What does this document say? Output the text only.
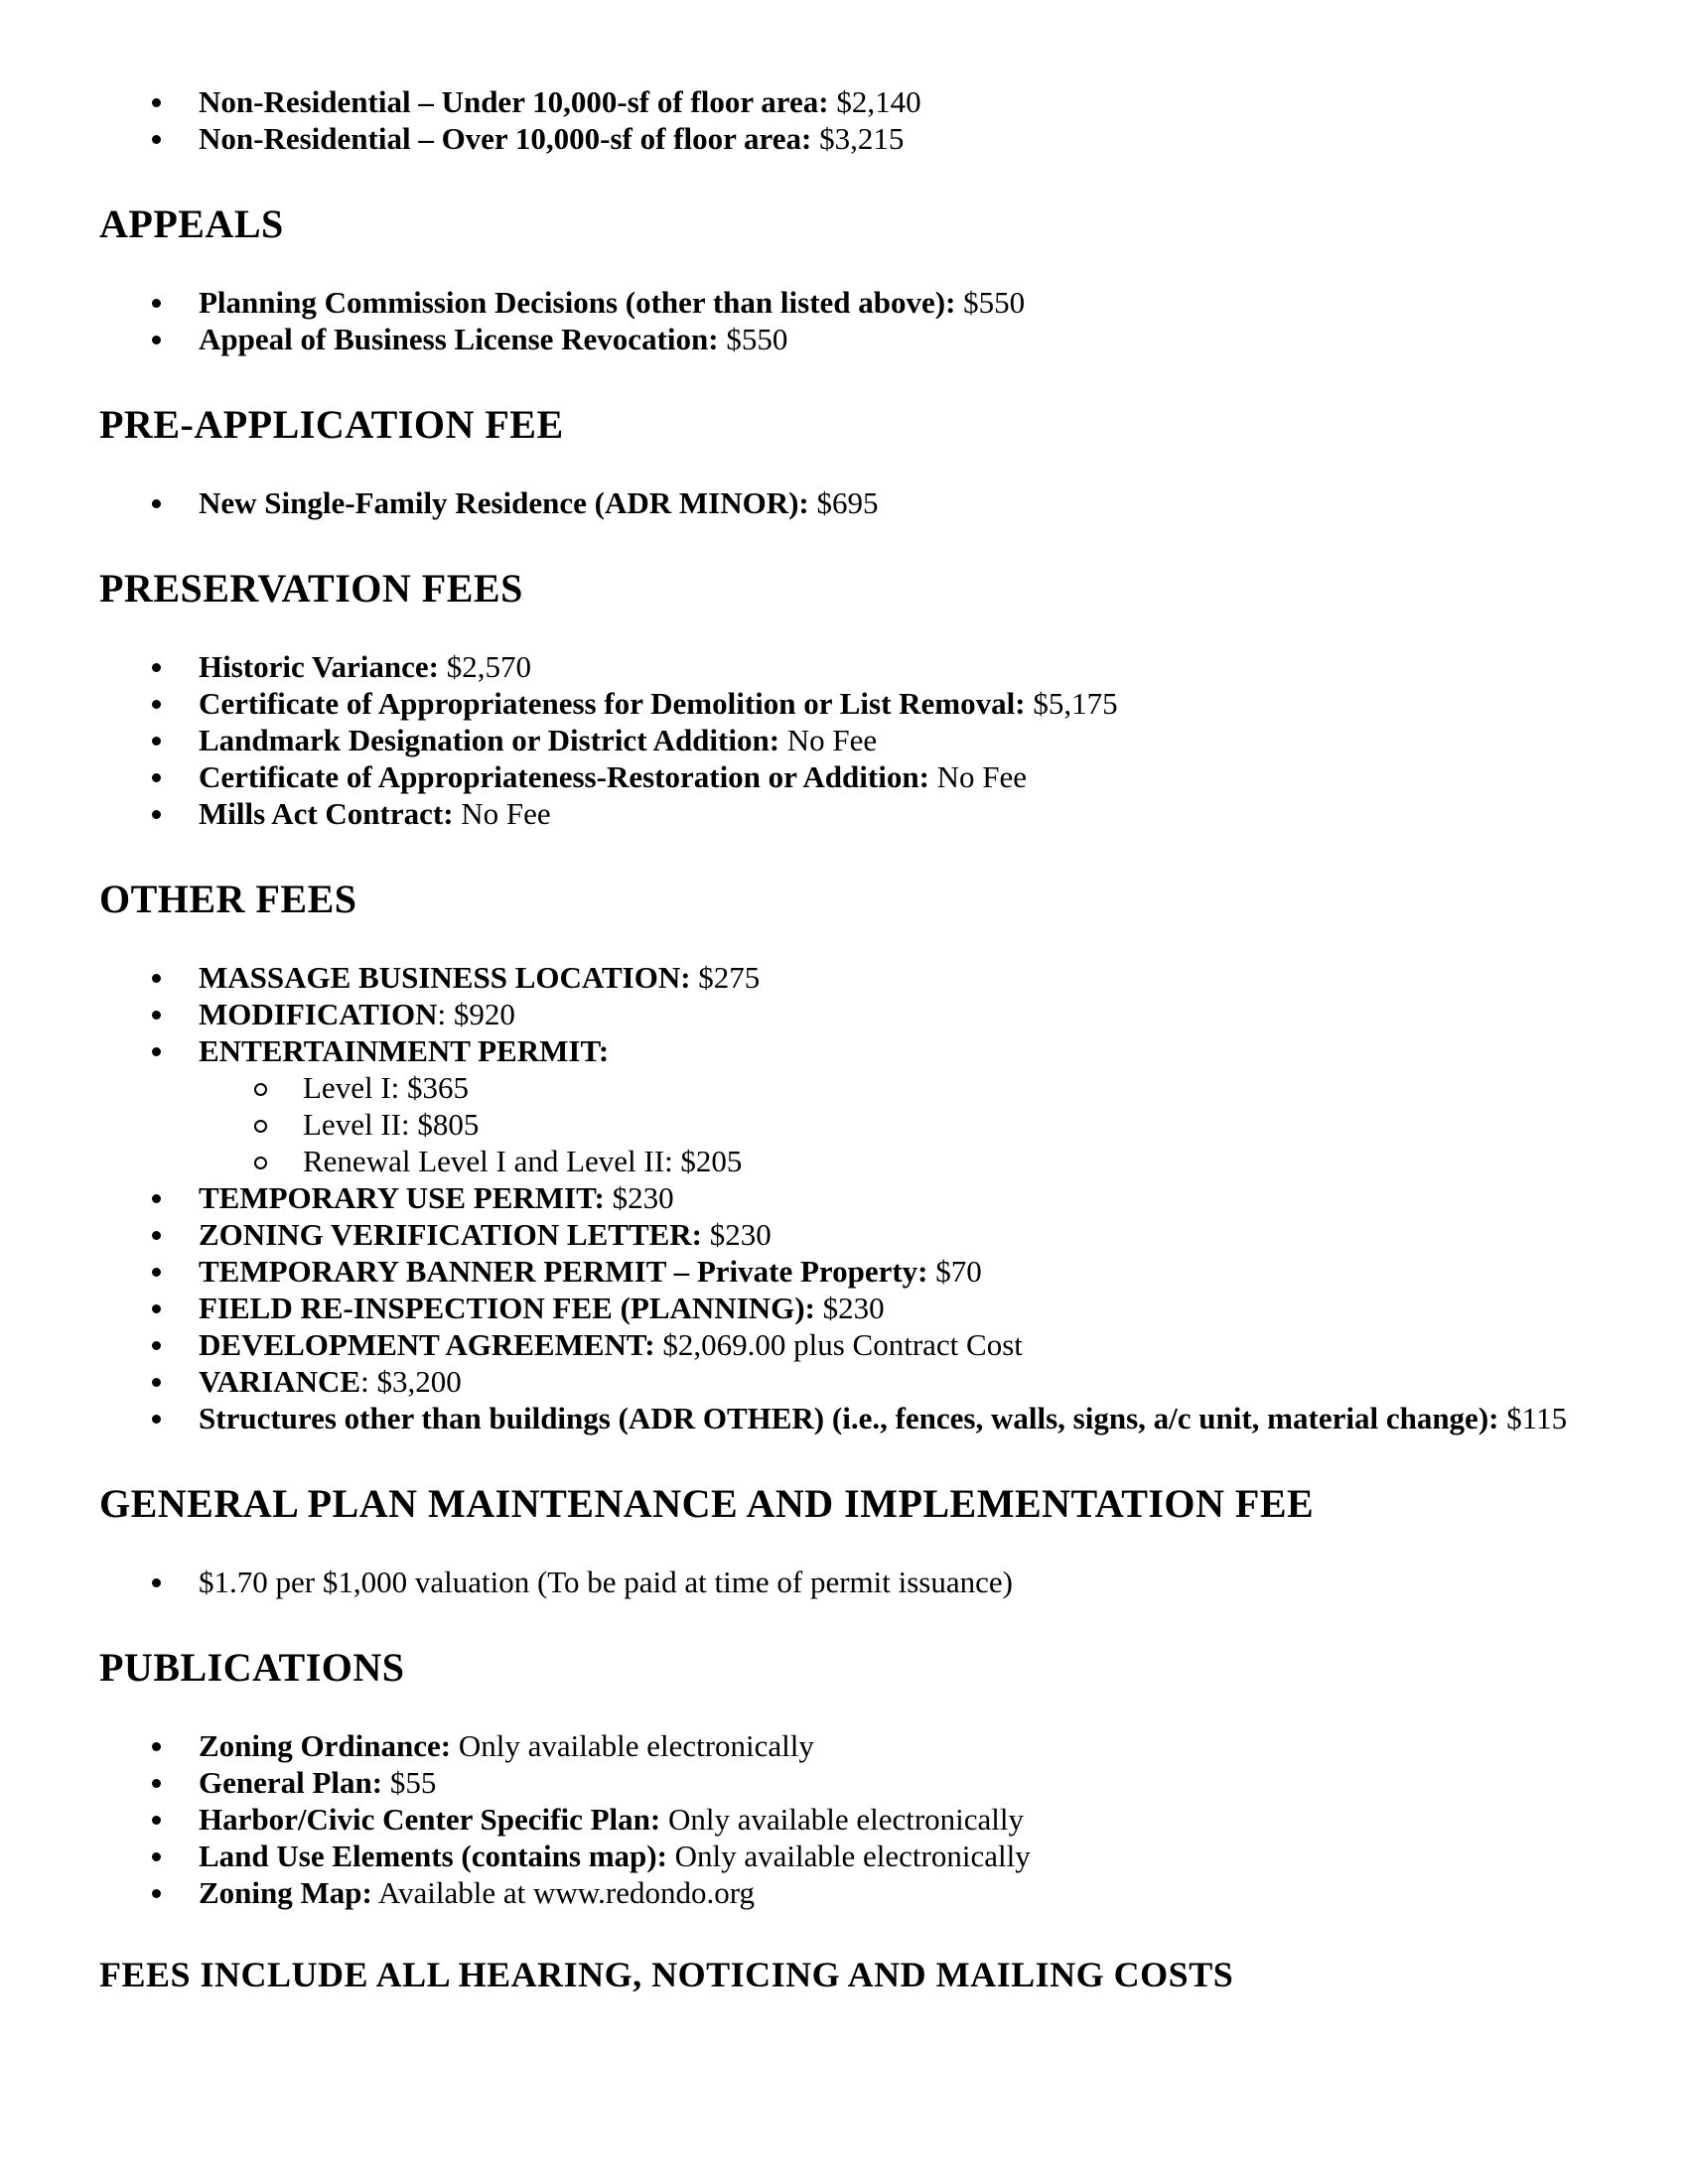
Non-Residential – Under 10,000-sf of floor area: $2,140
Non-Residential – Over 10,000-sf of floor area: $3,215
APPEALS
Planning Commission Decisions (other than listed above): $550
Appeal of Business License Revocation: $550
PRE-APPLICATION FEE
New Single-Family Residence (ADR MINOR): $695
PRESERVATION FEES
Historic Variance: $2,570
Certificate of Appropriateness for Demolition or List Removal: $5,175
Landmark Designation or District Addition: No Fee
Certificate of Appropriateness-Restoration or Addition: No Fee
Mills Act Contract: No Fee
OTHER FEES
MASSAGE BUSINESS LOCATION: $275
MODIFICATION: $920
ENTERTAINMENT PERMIT:
Level I: $365
Level II: $805
Renewal Level I and Level II: $205
TEMPORARY USE PERMIT: $230
ZONING VERIFICATION LETTER: $230
TEMPORARY BANNER PERMIT – Private Property: $70
FIELD RE-INSPECTION FEE (PLANNING): $230
DEVELOPMENT AGREEMENT: $2,069.00 plus Contract Cost
VARIANCE: $3,200
Structures other than buildings (ADR OTHER) (i.e., fences, walls, signs, a/c unit, material change): $115
GENERAL PLAN MAINTENANCE AND IMPLEMENTATION FEE
$1.70 per $1,000 valuation (To be paid at time of permit issuance)
PUBLICATIONS
Zoning Ordinance: Only available electronically
General Plan: $55
Harbor/Civic Center Specific Plan: Only available electronically
Land Use Elements (contains map): Only available electronically
Zoning Map: Available at www.redondo.org

FEES INCLUDE ALL HEARING, NOTICING AND MAILING COSTS
